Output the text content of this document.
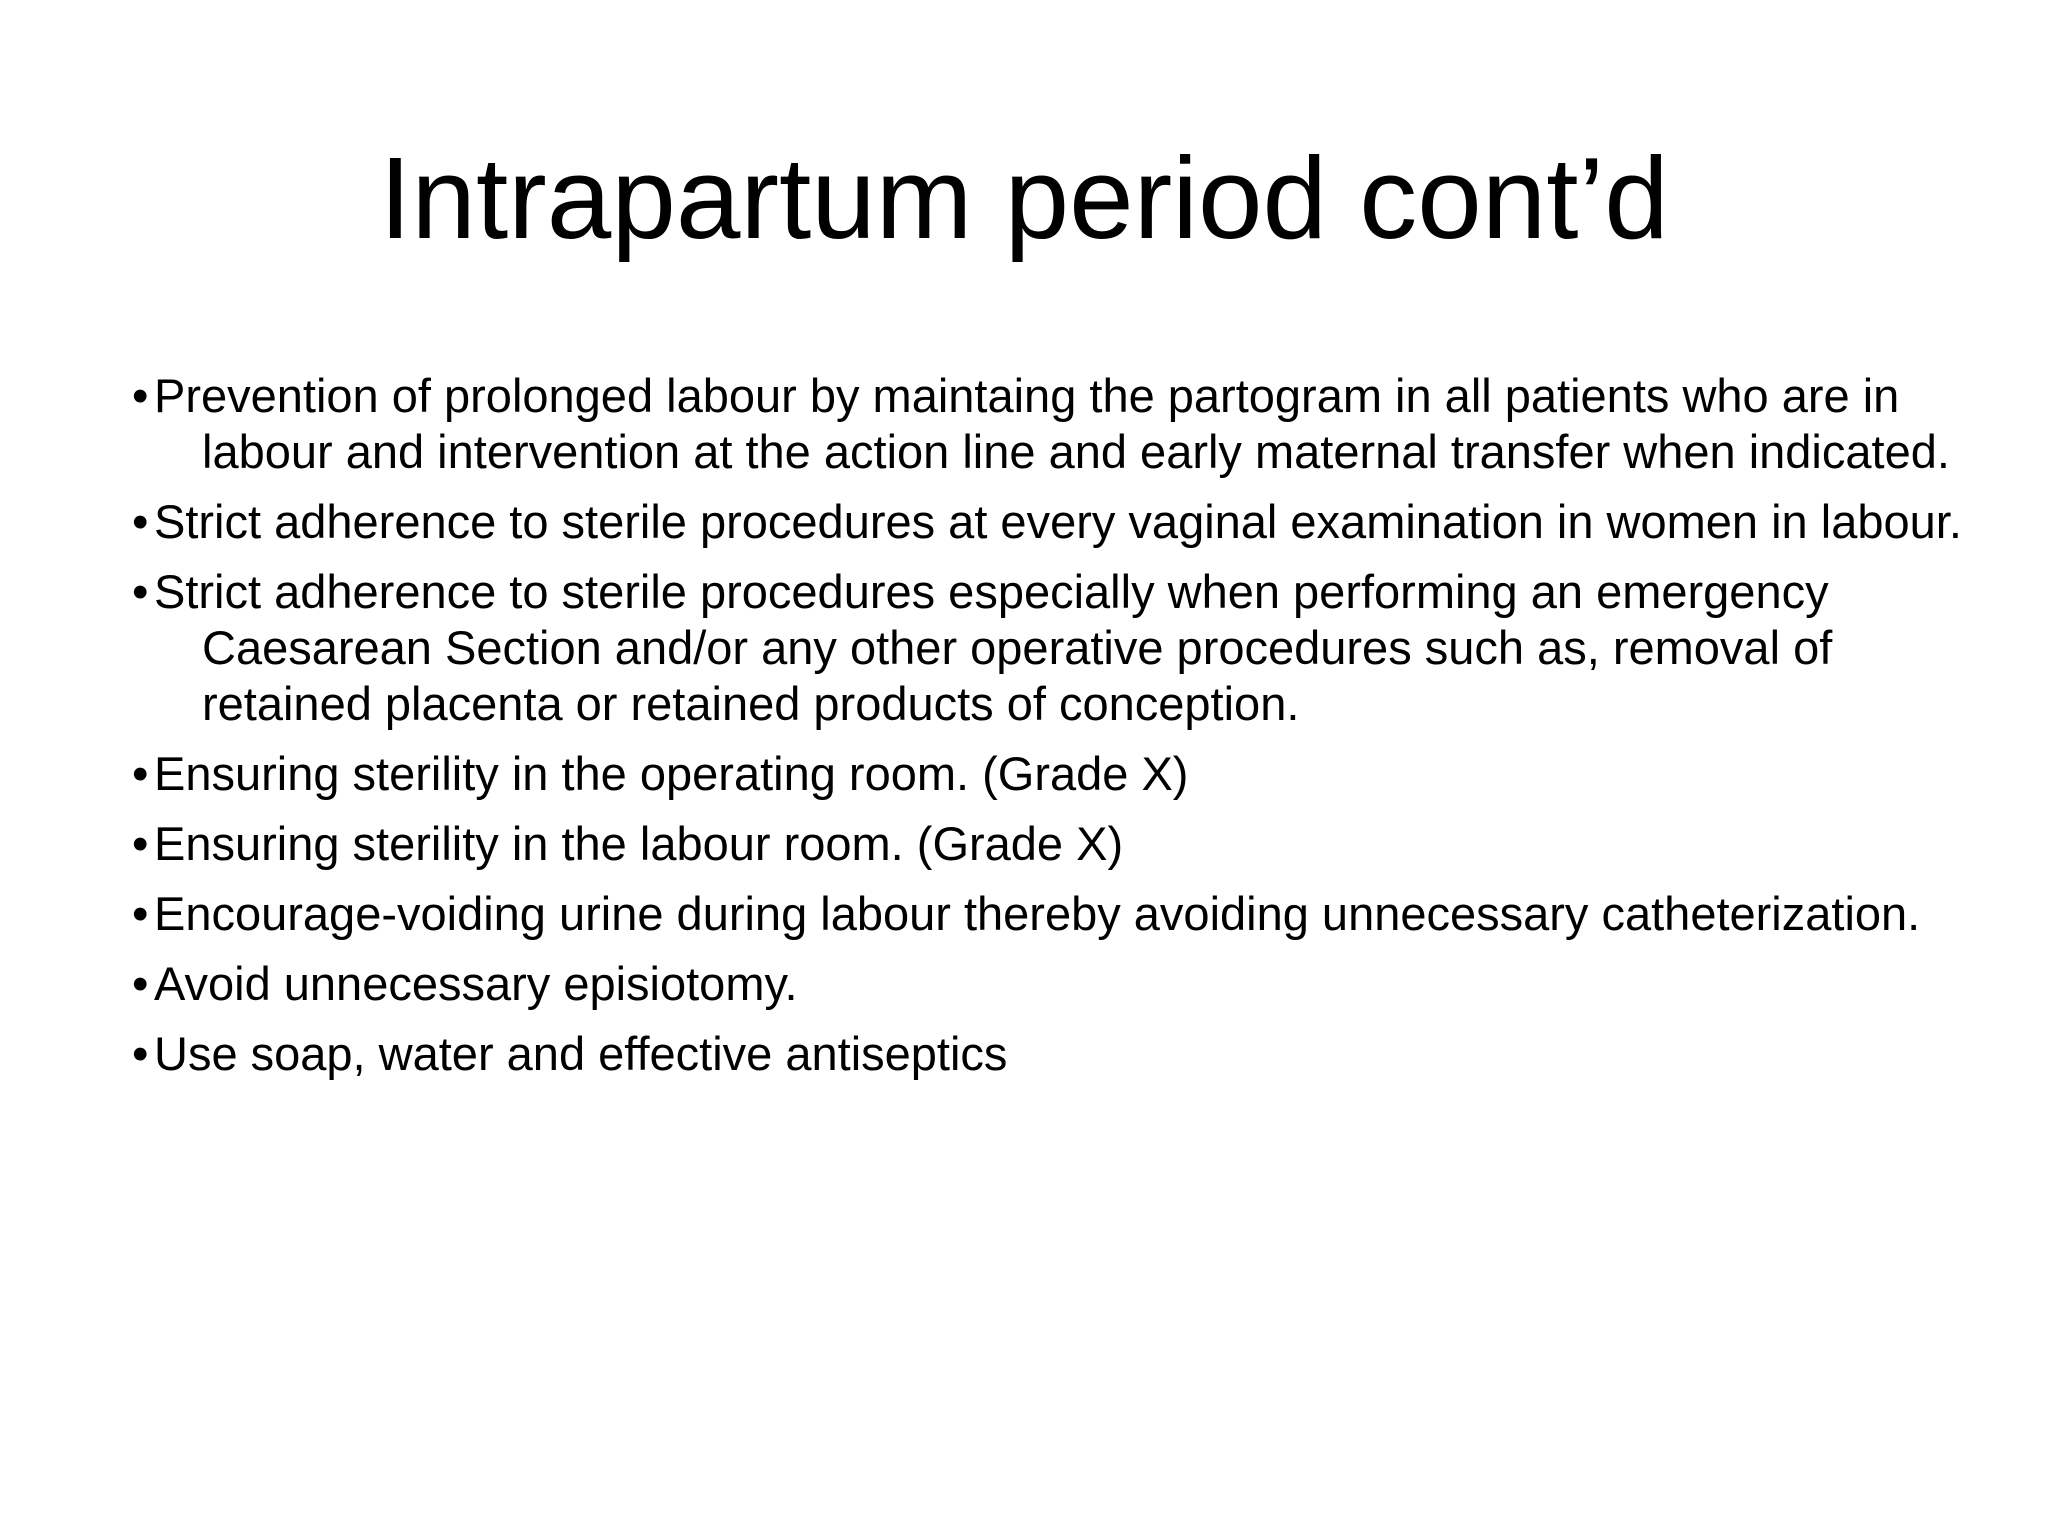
Intrapartum period cont’d
• Prevention of prolonged labour by maintaing the partogram in all patients who are in labour and intervention at the action line and early maternal transfer when indicated.
• Strict adherence to sterile procedures at every vaginal examination in women in labour.
• Strict adherence to sterile procedures especially when performing an emergency Caesarean Section and/or any other operative procedures such as, removal of retained placenta or retained products of conception.
• Ensuring sterility in the operating room. (Grade X)
• Ensuring sterility in the labour room. (Grade X)
• Encourage-voiding urine during labour thereby avoiding unnecessary catheterization.
• Avoid unnecessary episiotomy.
• Use soap, water and effective antiseptics
